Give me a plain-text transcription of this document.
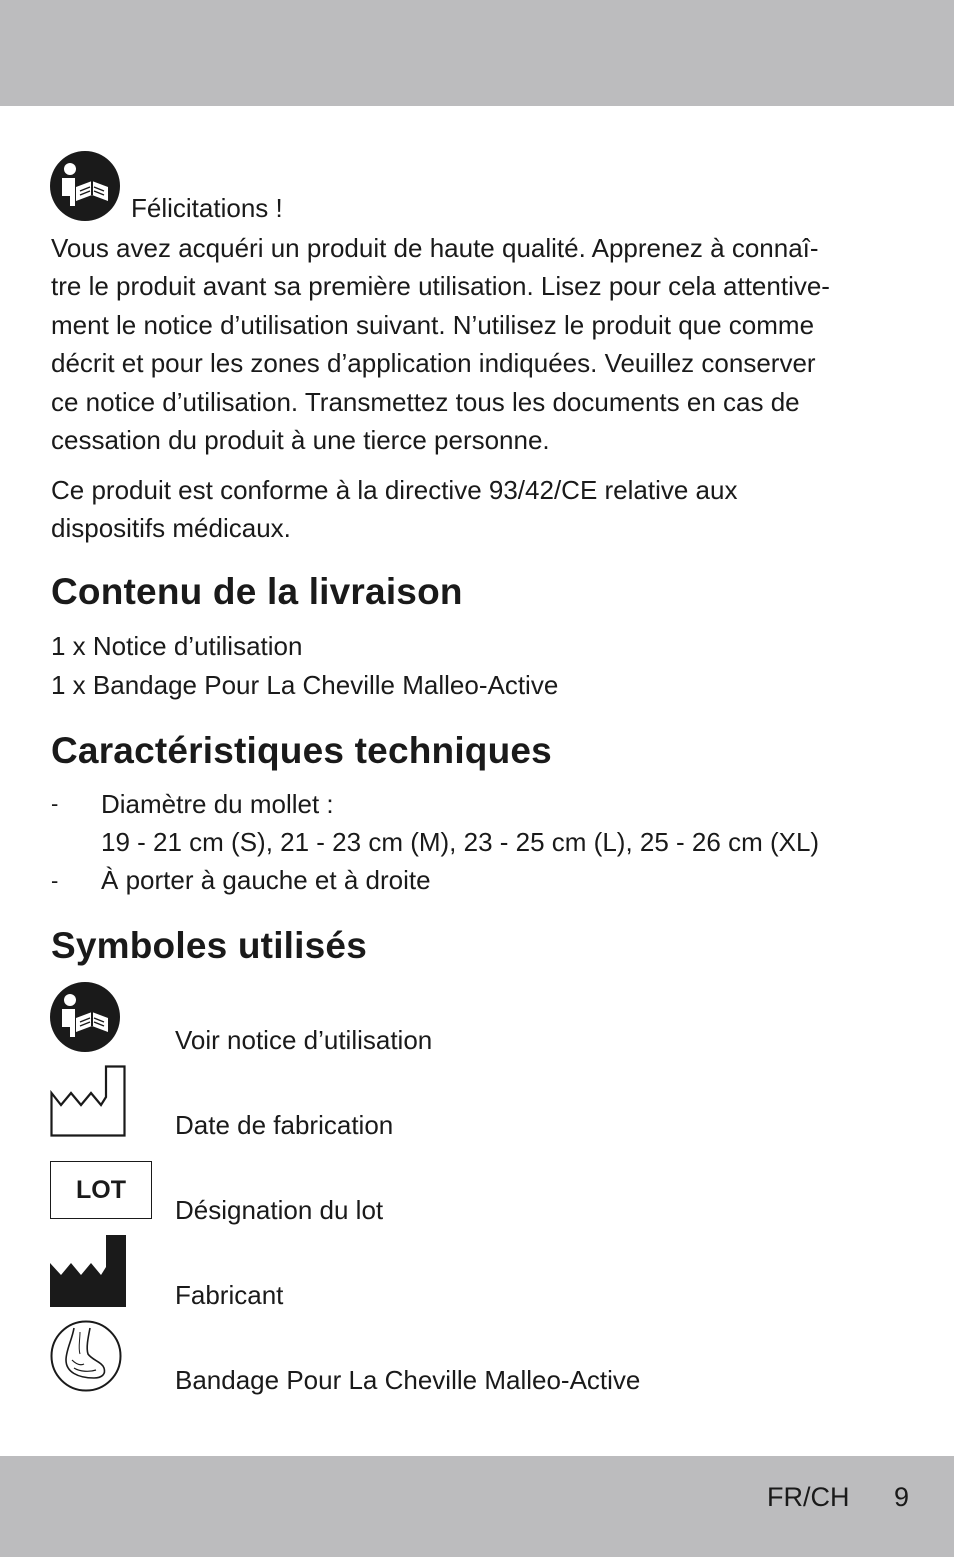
Félicitations !
Vous avez acquéri un produit de haute qualité. Apprenez à connaî-
tre le produit avant sa première utilisation. Lisez pour cela attentive-
ment le notice d’utilisation suivant. N’utilisez le produit que comme
décrit et pour les zones d’application indiquées. Veuillez conserver
ce notice d’utilisation. Transmettez tous les documents en cas de
cessation du produit à une tierce personne.
Ce produit est conforme à la directive 93/42/CE relative aux
dispositifs médicaux.
Contenu de la livraison
1 x Notice d’utilisation
1 x Bandage Pour La Cheville Malleo-Active
Caractéristiques techniques
- Diamètre du mollet :
19 - 21 cm (S), 21 - 23 cm (M), 23 - 25 cm (L), 25 - 26 cm (XL)
- À porter à gauche et à droite
Symboles utilisés
Voir notice d’utilisation
Date de fabrication
LOT
Désignation du lot
Fabricant
Bandage Pour La Cheville Malleo-Active
FR/CH 9
